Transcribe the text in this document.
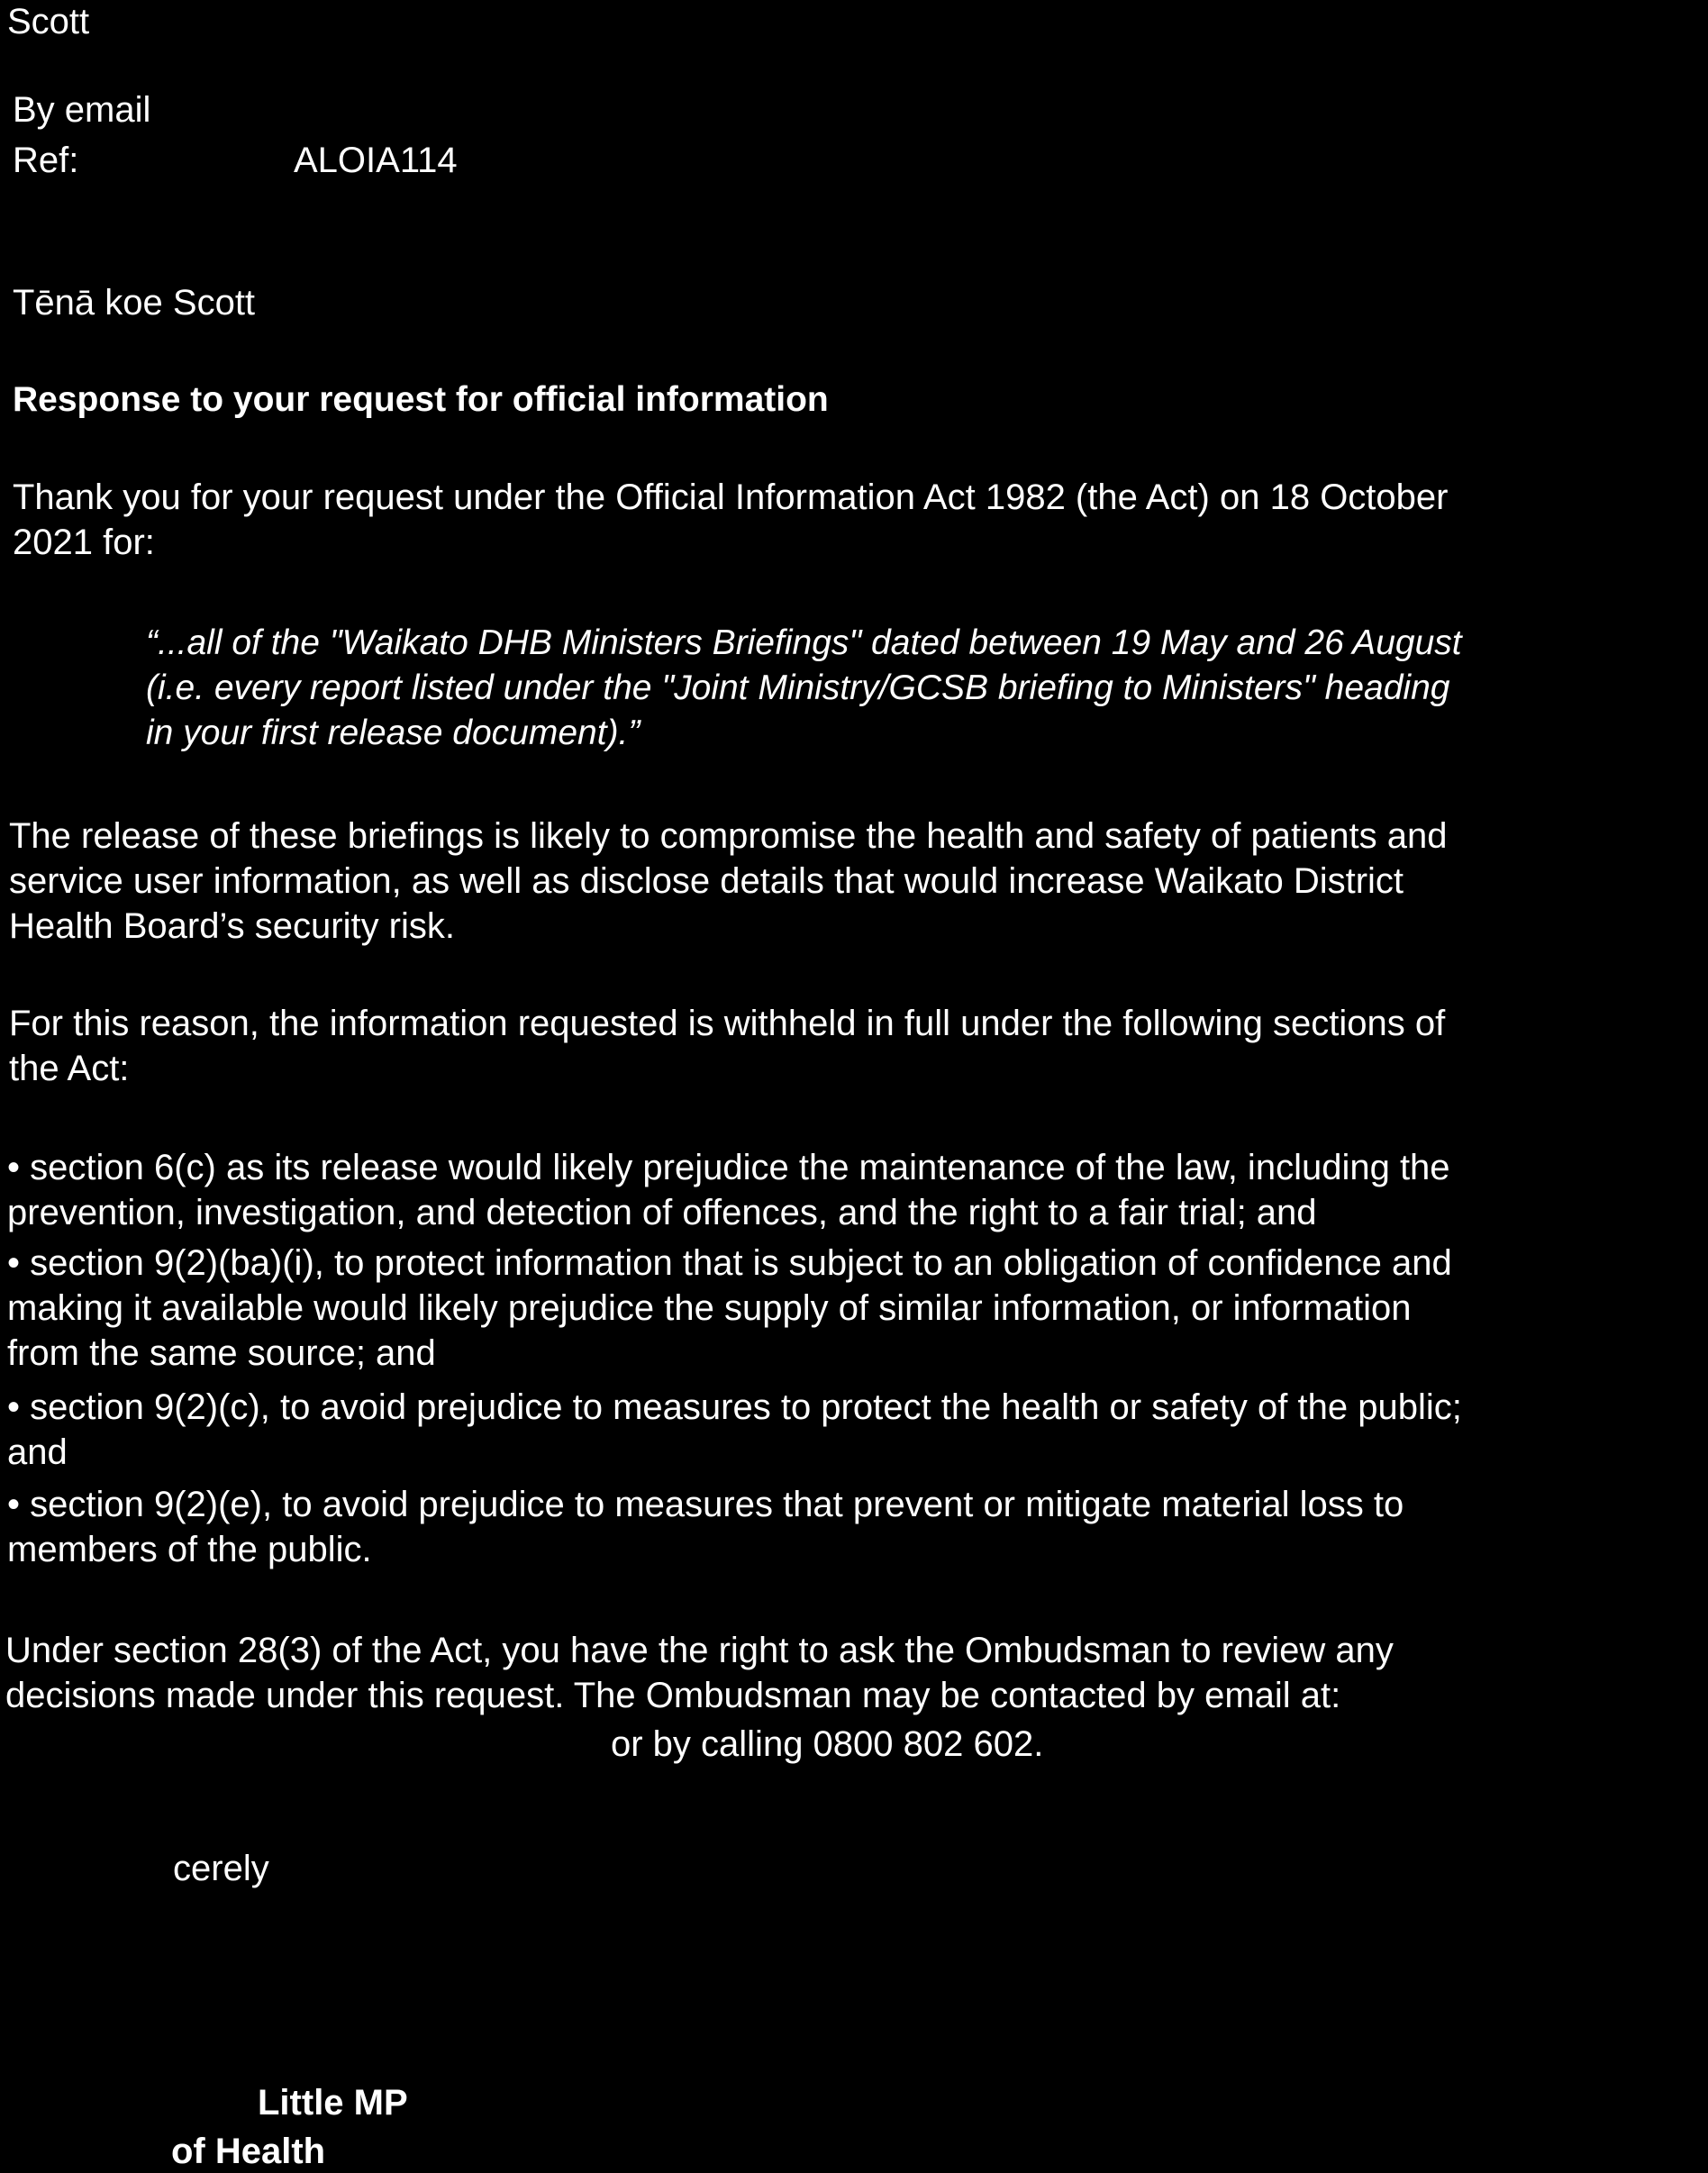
Scott
By email
Ref:	ALOIA114
Tēnā koe Scott
Response to your request for official information
Thank you for your request under the Official Information Act 1982 (the Act) on 18 October
2021 for:
“...all of the "Waikato DHB Ministers Briefings" dated between 19 May and 26 August
(i.e. every report listed under the "Joint Ministry/GCSB briefing to Ministers" heading
in your first release document).”
The release of these briefings is likely to compromise the health and safety of patients and
service user information, as well as disclose details that would increase Waikato District
Health Board’s security risk.
For this reason, the information requested is withheld in full under the following sections of
the Act:
• section 6(c) as its release would likely prejudice the maintenance of the law, including the
prevention, investigation, and detection of offences, and the right to a fair trial; and
• section 9(2)(ba)(i), to protect information that is subject to an obligation of confidence and
making it available would likely prejudice the supply of similar information, or information
from the same source; and
• section 9(2)(c), to avoid prejudice to measures to protect the health or safety of the public;
and
• section 9(2)(e), to avoid prejudice to measures that prevent or mitigate material loss to
members of the public.
Under section 28(3) of the Act, you have the right to ask the Ombudsman to review any
decisions made under this request. The Ombudsman may be contacted by email at:
or by calling 0800 802 602.
cerely
Little MP
of Health
